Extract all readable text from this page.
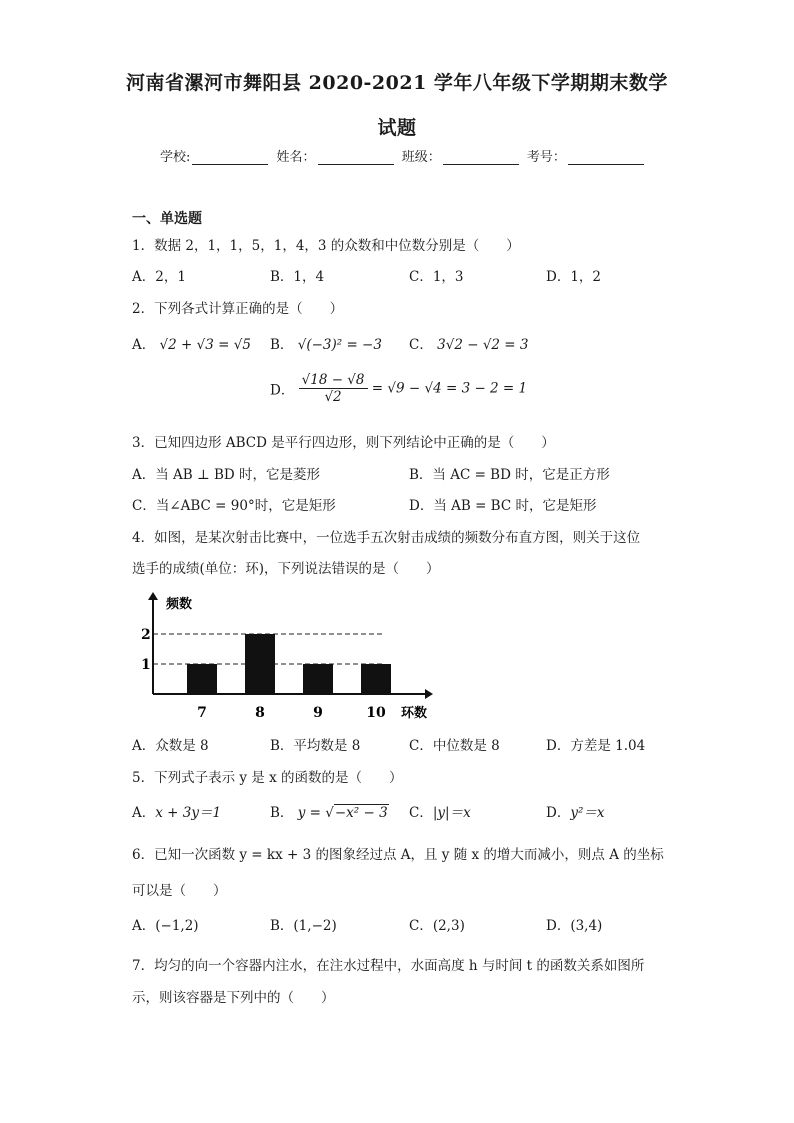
河南省漯河市舞阳县 2020-2021 学年八年级下学期期末数学
试题
学校:	姓名：	班级：	考号：
一、单选题
1．数据 2，1，1，5，1，4，3 的众数和中位数分别是（　　）
A．2，1	B．1，4	C．1，3	D．1，2
2．下列各式计算正确的是（　　）
A． √2 + √3 = √5 B． √(−3)² = −3 C． 3√2 − √2 = 3
D． $\frac{√18 - √8}{√2} = √9 - √4 = 3 - 2 = 1$
3．已知四边形 ABCD 是平行四边形，则下列结论中正确的是（　　）
A．当 AB ⊥ BD 时，它是菱形	B．当 AC = BD 时，它是正方形
C．当∠ABC = 90°时，它是矩形	D．当 AB = BC 时，它是矩形
4．如图，是某次射击比赛中，一位选手五次射击成绩的频数分布直方图，则关于这位
选手的成绩(单位：环)，下列说法错误的是（　　）
频数
环数
1
2
7	8	9	10
A．众数是 8	B．平均数是 8	C．中位数是 8	D．方差是 1.04
5．下列式子表示 y 是 x 的函数的是（　　）
A．x + 3y＝1	B． y = √−x² − 3 C．|y|＝x	D．y²＝x
6．已知一次函数 y = kx + 3 的图象经过点 A，且 y 随 x 的增大而减小，则点 A 的坐标
可以是（　　）
A．(−1,2)	B．(1,−2)	C．(2,3)	D．(3,4)
7．均匀的向一个容器内注水，在注水过程中，水面高度 h 与时间 t 的函数关系如图所
示，则该容器是下列中的（　　）
